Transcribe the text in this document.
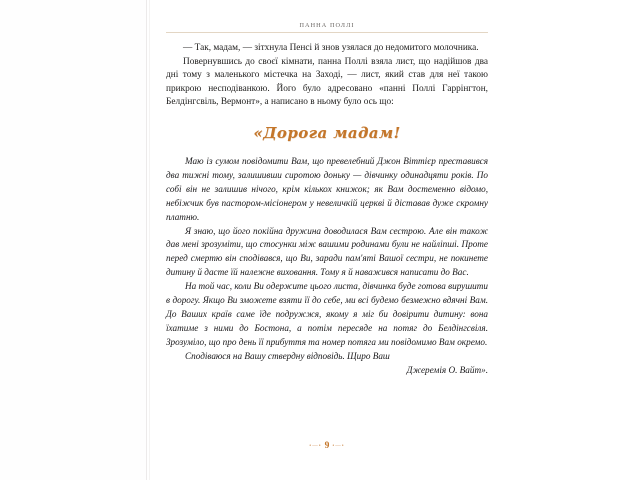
ПАННА ПОЛЛІ

— Так, мадам, — зітхнула Пенсі й знов узялася до недомитого молочника.

Повернувшись до своєї кімнати, панна Поллі взяла лист, що надійшов два дні тому з маленького містечка на Заході, — лист, який став для неї такою прикрою несподіванкою. Його було адресовано «панні Поллі Гаррінгтон, Белдінгсвіль, Вермонт», а написано в ньому було ось що:

«Дорога мадам!

Маю із сумом повідомити Вам, що превелебний Джон Віттієр преставився два тижні тому, залишивши сиротою доньку — дівчинку одинадцяти років. По собі він не залишив нічого, крім кількох книжок; як Вам достеменно відомо, небіжчик був пастором-місіонером у невеличкій церкві й діставав дуже скромну платню.

Я знаю, що його покійна дружина доводилася Вам сестрою. Але він також дав мені зрозуміти, що стосунки між вашими родинами були не найліпші. Проте перед смертю він сподівався, що Ви, заради пам'яті Вашої сестри, не покинете дитину й дасте їй належне виховання. Тому я й наважився написати до Вас.

На той час, коли Ви одержите цього листа, дівчинка буде готова вирушити в дорогу. Якщо Ви зможете взяти її до себе, ми всі будемо безмежно вдячні Вам. До Ваших країв саме їде подружжя, якому я міг би довірити дитину: вона їхатиме з ними до Бостона, а потім пересяде на потяг до Белдінгсвіля. Зрозуміло, що про день її прибуття та номер потяга ми повідомимо Вам окремо.

Сподіваюся на Вашу ствердну відповідь. Щиро Ваш

Джеремія О. Вайт».

•—• 9 •—•
